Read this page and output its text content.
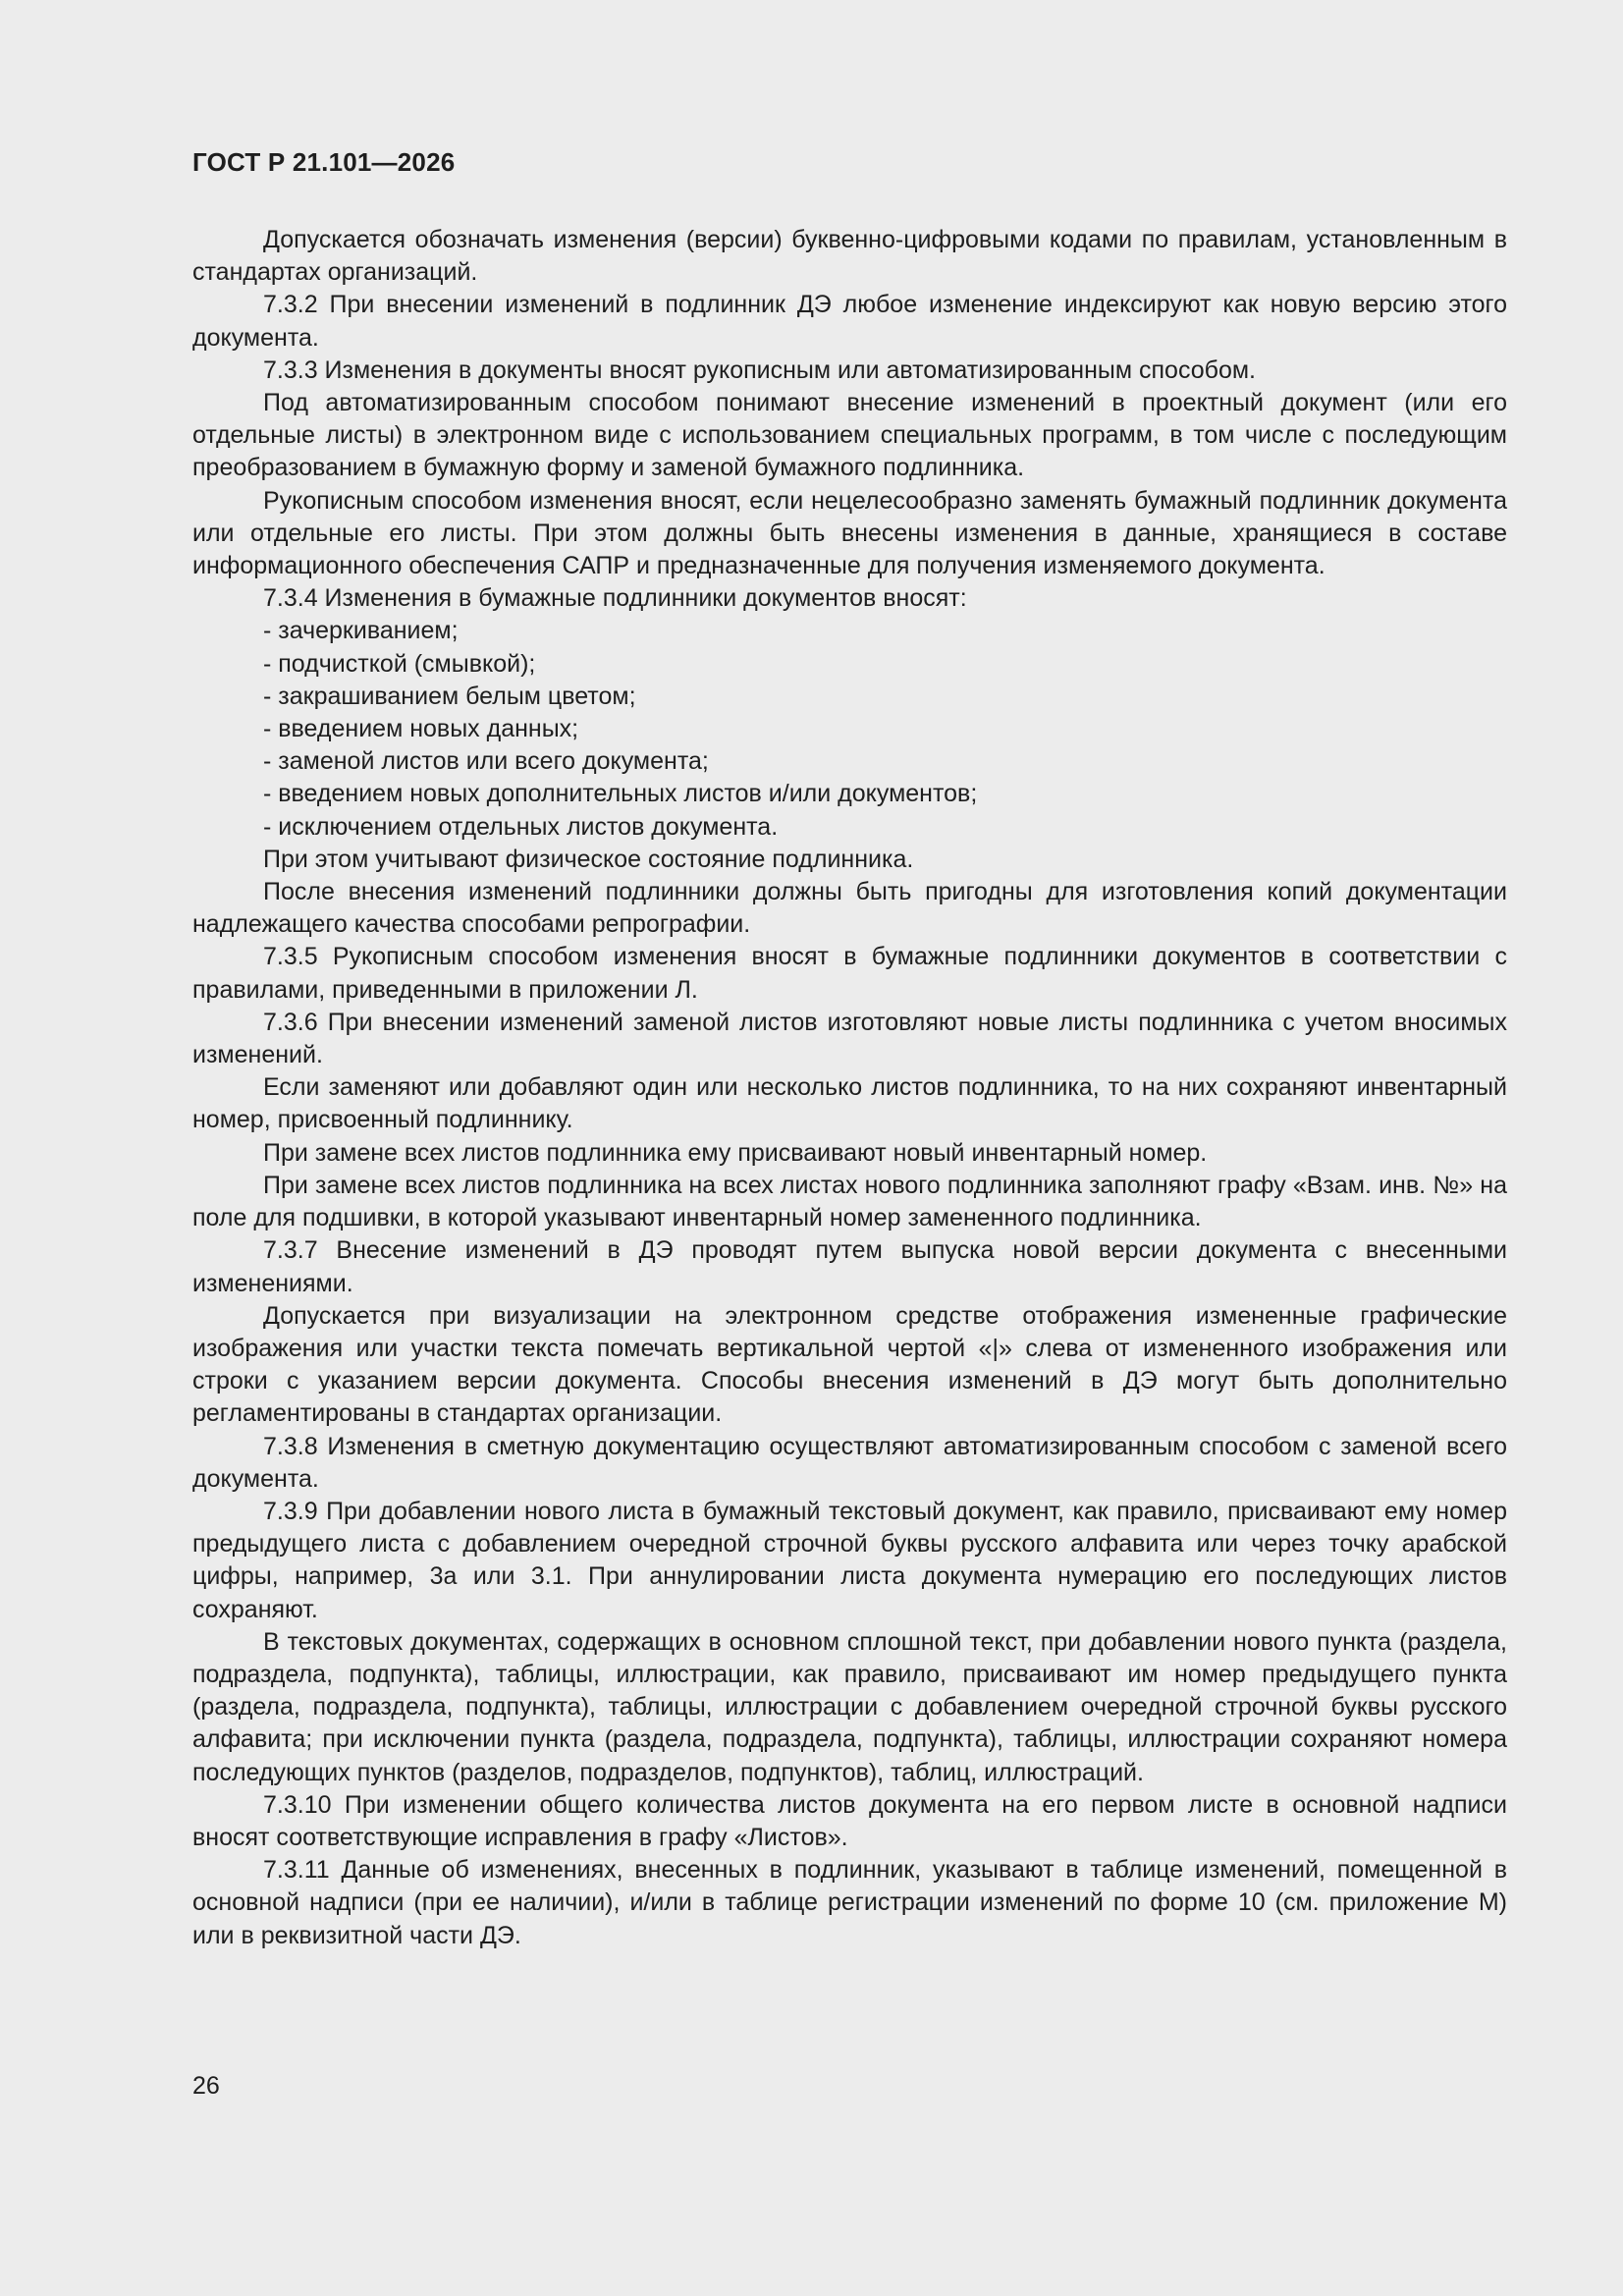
ГОСТ Р 21.101—2026

Допускается обозначать изменения (версии) буквенно-цифровыми кодами по правилам, установленным в стандартах организаций.

7.3.2 При внесении изменений в подлинник ДЭ любое изменение индексируют как новую версию этого документа.

7.3.3 Изменения в документы вносят рукописным или автоматизированным способом.

Под автоматизированным способом понимают внесение изменений в проектный документ (или его отдельные листы) в электронном виде с использованием специальных программ, в том числе с последующим преобразованием в бумажную форму и заменой бумажного подлинника.

Рукописным способом изменения вносят, если нецелесообразно заменять бумажный подлинник документа или отдельные его листы. При этом должны быть внесены изменения в данные, хранящиеся в составе информационного обеспечения САПР и предназначенные для получения изменяемого документа.

7.3.4 Изменения в бумажные подлинники документов вносят:

- зачеркиванием;

- подчисткой (смывкой);

- закрашиванием белым цветом;

- введением новых данных;

- заменой листов или всего документа;

- введением новых дополнительных листов и/или документов;

- исключением отдельных листов документа.

При этом учитывают физическое состояние подлинника.

После внесения изменений подлинники должны быть пригодны для изготовления копий документации надлежащего качества способами репрографии.

7.3.5 Рукописным способом изменения вносят в бумажные подлинники документов в соответствии с правилами, приведенными в приложении Л.

7.3.6 При внесении изменений заменой листов изготовляют новые листы подлинника с учетом вносимых изменений.

Если заменяют или добавляют один или несколько листов подлинника, то на них сохраняют инвентарный номер, присвоенный подлиннику.

При замене всех листов подлинника ему присваивают новый инвентарный номер.

При замене всех листов подлинника на всех листах нового подлинника заполняют графу «Взам. инв. №» на поле для подшивки, в которой указывают инвентарный номер замененного подлинника.

7.3.7 Внесение изменений в ДЭ проводят путем выпуска новой версии документа с внесенными изменениями.

Допускается при визуализации на электронном средстве отображения измененные графические изображения или участки текста помечать вертикальной чертой «|» слева от измененного изображения или строки с указанием версии документа. Способы внесения изменений в ДЭ могут быть дополнительно регламентированы в стандартах организации.

7.3.8 Изменения в сметную документацию осуществляют автоматизированным способом с заменой всего документа.

7.3.9 При добавлении нового листа в бумажный текстовый документ, как правило, присваивают ему номер предыдущего листа с добавлением очередной строчной буквы русского алфавита или через точку арабской цифры, например, 3а или 3.1. При аннулировании листа документа нумерацию его последующих листов сохраняют.

В текстовых документах, содержащих в основном сплошной текст, при добавлении нового пункта (раздела, подраздела, подпункта), таблицы, иллюстрации, как правило, присваивают им номер предыдущего пункта (раздела, подраздела, подпункта), таблицы, иллюстрации с добавлением очередной строчной буквы русского алфавита; при исключении пункта (раздела, подраздела, подпункта), таблицы, иллюстрации сохраняют номера последующих пунктов (разделов, подразделов, подпунктов), таблиц, иллюстраций.

7.3.10 При изменении общего количества листов документа на его первом листе в основной надписи вносят соответствующие исправления в графу «Листов».

7.3.11 Данные об изменениях, внесенных в подлинник, указывают в таблице изменений, помещенной в основной надписи (при ее наличии), и/или в таблице регистрации изменений по форме 10 (см. приложение М) или в реквизитной части ДЭ.

26
